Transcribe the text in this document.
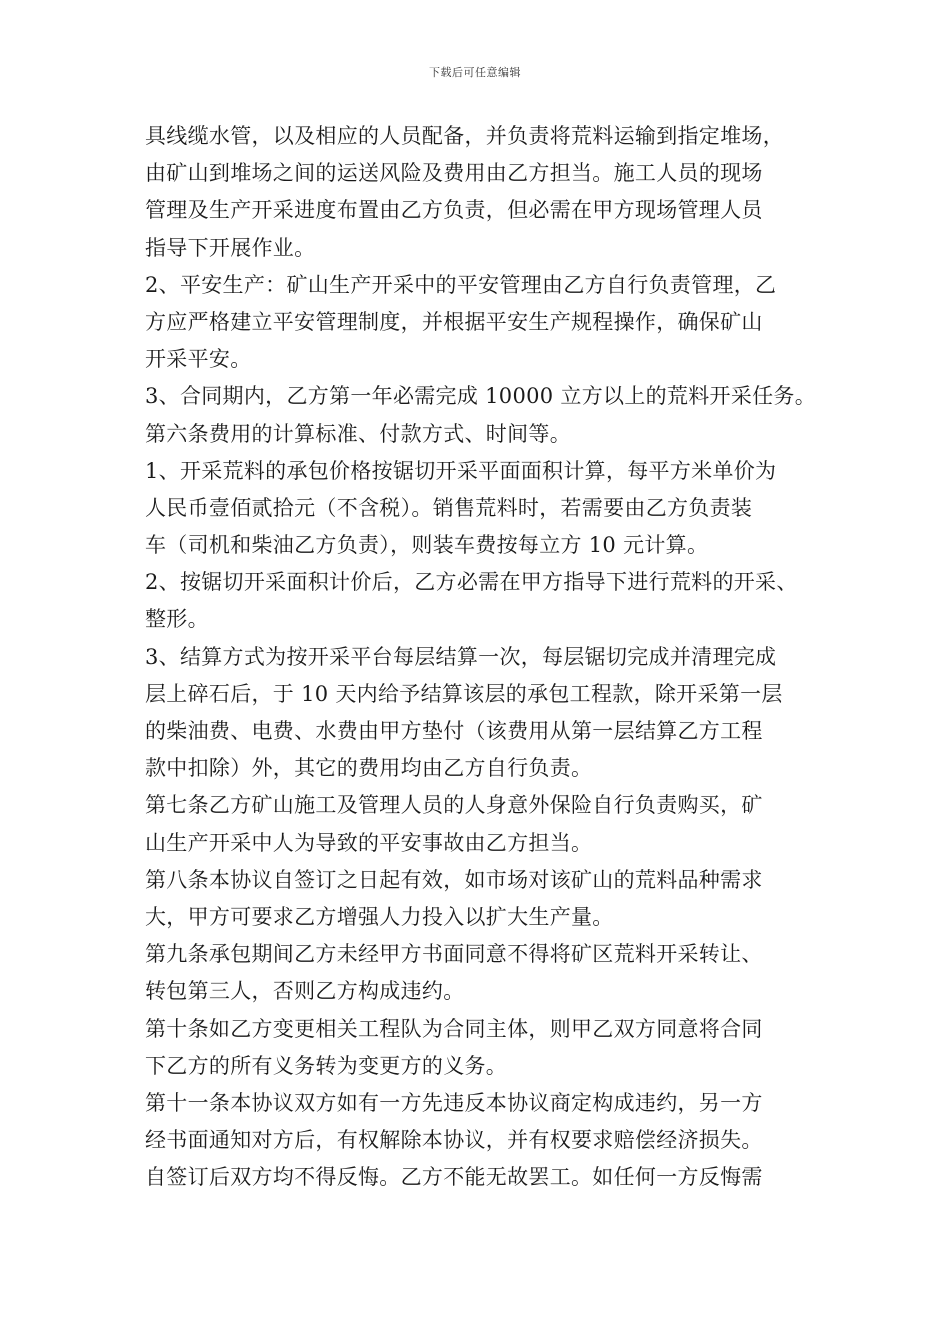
下载后可任意编辑
具线缆水管，以及相应的人员配备，并负责将荒料运输到指定堆场，
由矿山到堆场之间的运送风险及费用由乙方担当。施工人员的现场
管理及生产开采进度布置由乙方负责，但必需在甲方现场管理人员
指导下开展作业。
2、平安生产：矿山生产开采中的平安管理由乙方自行负责管理，乙
方应严格建立平安管理制度，并根据平安生产规程操作，确保矿山
开采平安。
3、合同期内，乙方第一年必需完成 10000 立方以上的荒料开采任务。
第六条费用的计算标准、付款方式、时间等。
1、开采荒料的承包价格按锯切开采平面面积计算，每平方米单价为
人民币壹佰贰拾元（不含税）。销售荒料时，若需要由乙方负责装
车（司机和柴油乙方负责），则装车费按每立方 10 元计算。
2、按锯切开采面积计价后，乙方必需在甲方指导下进行荒料的开采、
整形。
3、结算方式为按开采平台每层结算一次，每层锯切完成并清理完成
层上碎石后，于 10 天内给予结算该层的承包工程款，除开采第一层
的柴油费、电费、水费由甲方垫付（该费用从第一层结算乙方工程
款中扣除）外，其它的费用均由乙方自行负责。
第七条乙方矿山施工及管理人员的人身意外保险自行负责购买，矿
山生产开采中人为导致的平安事故由乙方担当。
第八条本协议自签订之日起有效，如市场对该矿山的荒料品种需求
大，甲方可要求乙方增强人力投入以扩大生产量。
第九条承包期间乙方未经甲方书面同意不得将矿区荒料开采转让、
转包第三人，否则乙方构成违约。
第十条如乙方变更相关工程队为合同主体，则甲乙双方同意将合同
下乙方的所有义务转为变更方的义务。
第十一条本协议双方如有一方先违反本协议商定构成违约，另一方
经书面通知对方后，有权解除本协议，并有权要求赔偿经济损失。
自签订后双方均不得反悔。乙方不能无故罢工。如任何一方反悔需
